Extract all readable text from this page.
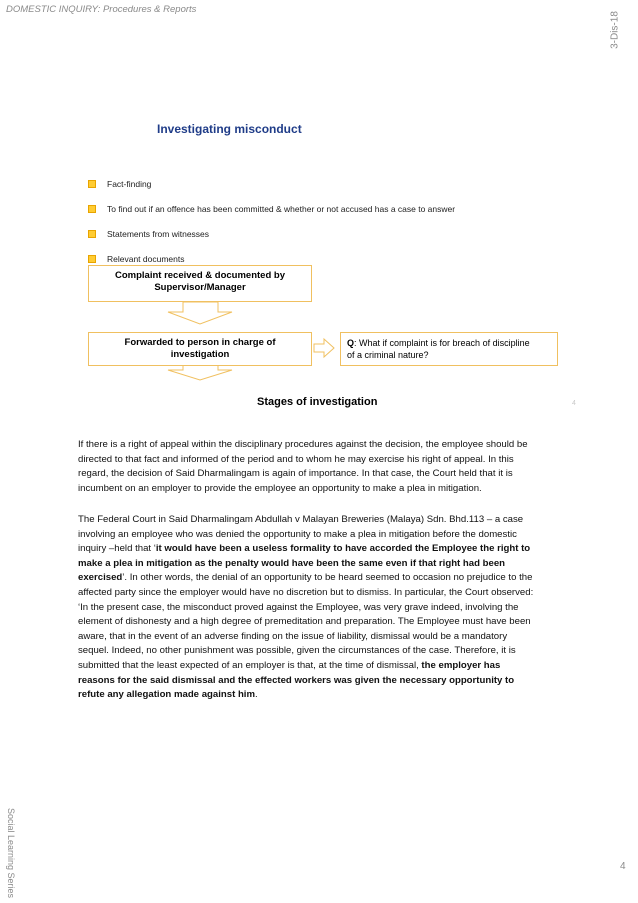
DOMESTIC INQUIRY: Procedures & Reports
3-Dis-18
Investigating misconduct
Fact-finding
To find out if an offence has been committed & whether or not accused has a case to answer
Statements from witnesses
Relevant documents
Complaint received & documented by
Supervisor/Manager
Forwarded to person in charge of
investigation
Q: What if complaint is for breach of discipline
of a criminal nature?
Stages of investigation	4
If there is a right of appeal within the disciplinary procedures against the decision, the employee should be
directed to that fact and informed of the period and to whom he may exercise his right of appeal. In this
regard, the decision of Said Dharmalingam is again of importance. In that case, the Court held that it is
incumbent on an employer to provide the employee an opportunity to make a plea in mitigation.
The Federal Court in Said Dharmalingam Abdullah v Malayan Breweries (Malaya) Sdn. Bhd.113 – a case
involving an employee who was denied the opportunity to make a plea in mitigation before the domestic
inquiry –held that ‘it would have been a useless formality to have accorded the Employee the right to
make a plea in mitigation as the penalty would have been the same even if that right had been
exercised’. In other words, the denial of an opportunity to be heard seemed to occasion no prejudice to the
affected party since the employer would have no discretion but to dismiss. In particular, the Court observed:
‘In the present case, the misconduct proved against the Employee, was very grave indeed, involving the
element of dishonesty and a high degree of premeditation and preparation. The Employee must have been
aware, that in the event of an adverse finding on the issue of liability, dismissal would be a mandatory
sequel. Indeed, no other punishment was possible, given the circumstances of the case. Therefore, it is
submitted that the least expected of an employer is that, at the time of dismissal, the employer has
reasons for the said dismissal and the effected workers was given the necessary opportunity to
refute any allegation made against him.
Social Learning Series	4
